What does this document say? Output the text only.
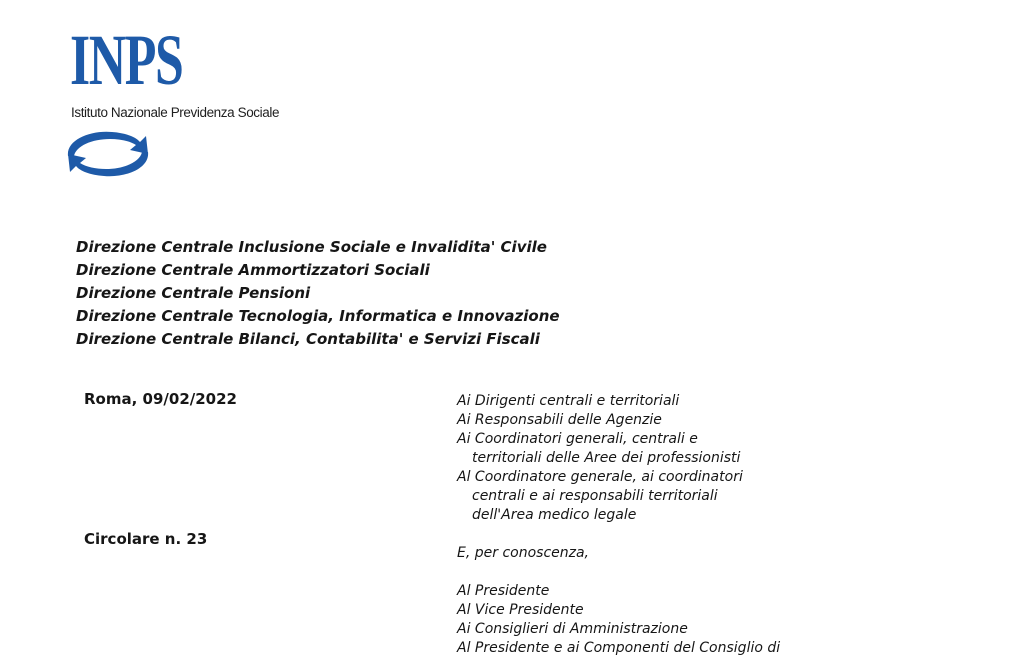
INPS
Istituto Nazionale Previdenza Sociale
Direzione Centrale Inclusione Sociale e Invalidita' Civile
Direzione Centrale Ammortizzatori Sociali
Direzione Centrale Pensioni
Direzione Centrale Tecnologia, Informatica e Innovazione
Direzione Centrale Bilanci, Contabilita' e Servizi Fiscali
Roma, 09/02/2022
Circolare n. 23
Ai Dirigenti centrali e territoriali
Ai Responsabili delle Agenzie
Ai Coordinatori generali, centrali e
territoriali delle Aree dei professionisti
Al Coordinatore generale, ai coordinatori
centrali e ai responsabili territoriali
dell'Area medico legale
E, per conoscenza,
Al Presidente
Al Vice Presidente
Ai Consiglieri di Amministrazione
Al Presidente e ai Componenti del Consiglio di
